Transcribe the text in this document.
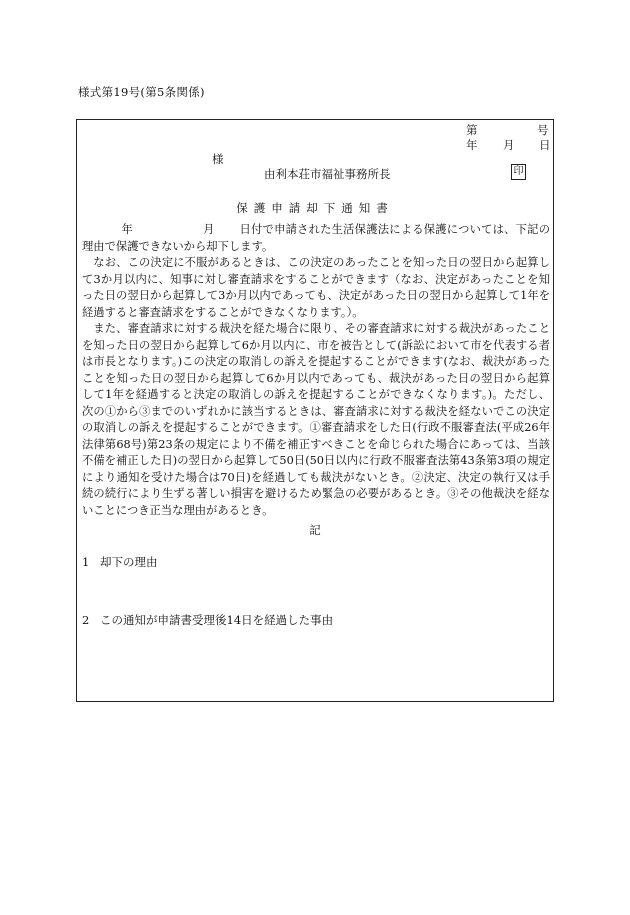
様式第19号(第5条関係)
第	号
年 月 日
様
由利本荘市福祉事務所長	印
保護申請却下通知書

年	月 日付で申請された生活保護法による保護については、下記の理由で保護できないから却下します。

なお、この決定に不服があるときは、この決定のあったことを知った日の翌日から起算して3か月以内に、知事に対し審査請求をすることができます（なお、決定があったことを知った日の翌日から起算して3か月以内であっても、決定があった日の翌日から起算して1年を経過すると審査請求をすることができなくなります。）。

また、審査請求に対する裁決を経た場合に限り、その審査請求に対する裁決があったことを知った日の翌日から起算して6か月以内に、市を被告として(訴訟において市を代表する者は市長となります。)この決定の取消しの訴えを提起することができます(なお、裁決があったことを知った日の翌日から起算して6か月以内であっても、裁決があった日の翌日から起算して1年を経過すると決定の取消しの訴えを提起することができなくなります。)。ただし、次の①から③までのいずれかに該当するときは、審査請求に対する裁決を経ないでこの決定の取消しの訴えを提起することができます。①審査請求をした日(行政不服審査法(平成26年法律第68号)第23条の規定により不備を補正すべきことを命じられた場合にあっては、当該不備を補正した日)の翌日から起算して50日(50日以内に行政不服審査法第43条第3項の規定により通知を受けた場合は70日)を経過しても裁決がないとき。②決定、決定の執行又は手続の続行により生ずる著しい損害を避けるため緊急の必要があるとき。③その他裁決を経ないことにつき正当な理由があるとき。

記
1 却下の理由
2 この通知が申請書受理後14日を経過した事由
